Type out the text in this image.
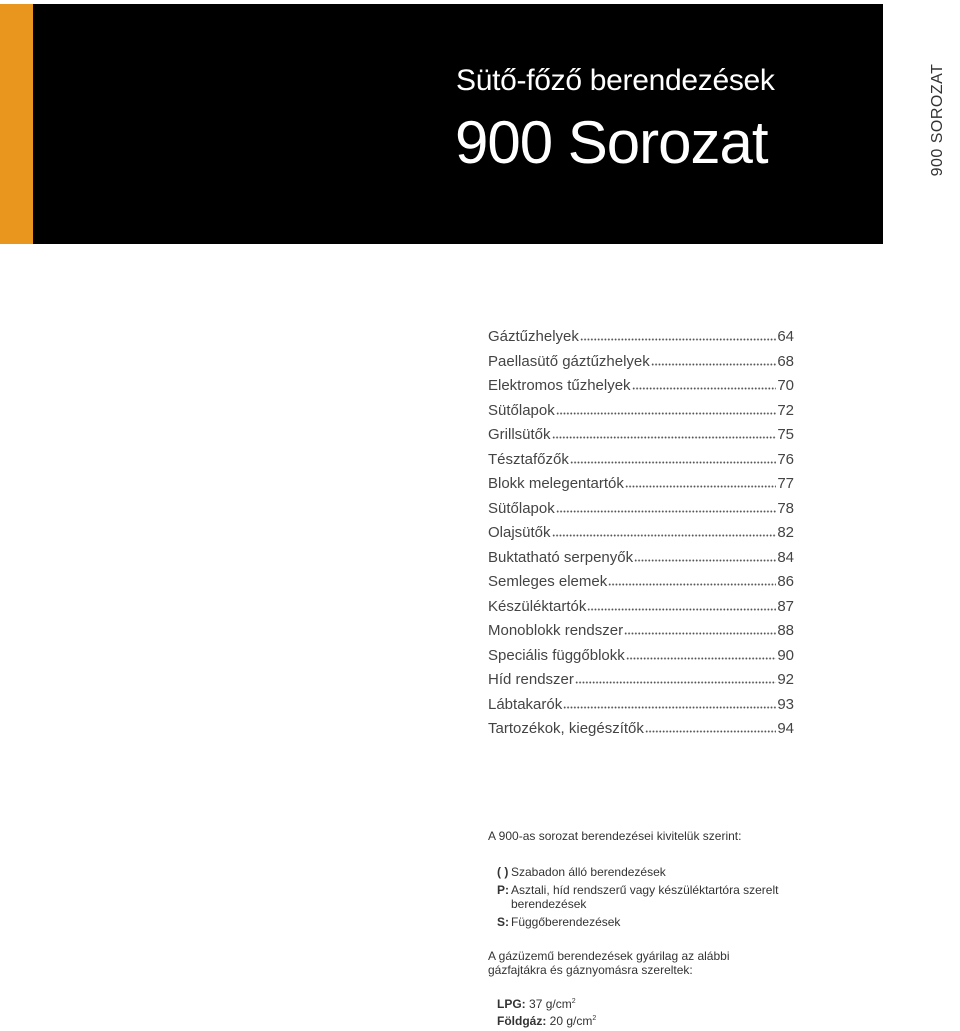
Sütő-főző berendezések
900 Sorozat	900 SOROZAT
Gáztűzhelyek	64
Paellasütő gáztűzhelyek	68
Elektromos tűzhelyek	70
Sütőlapok	72
Grillsütők	75
Tésztafőzők	76
Blokk melegentartók	77
Sütőlapok	78
Olajsütők	82
Buktatható serpenyők	84
Semleges elemek	86
Készüléktartók	87
Monoblokk rendszer	88
Speciális függőblokk	90
Híd rendszer	92
Lábtakarók	93
Tartozékok, kiegészítők	94
A 900-as sorozat berendezései kivitelük szerint:
( ) Szabadon álló berendezések
P: Asztali, híd rendszerű vagy készüléktartóra szerelt berendezések
S: Függőberendezések
A gázüzemű berendezések gyárilag az alábbi gázfajtákra és gáznyomásra szereltek:
LPG: 37 $g/cm^2$
Földgáz: 20 $g/cm^2$
